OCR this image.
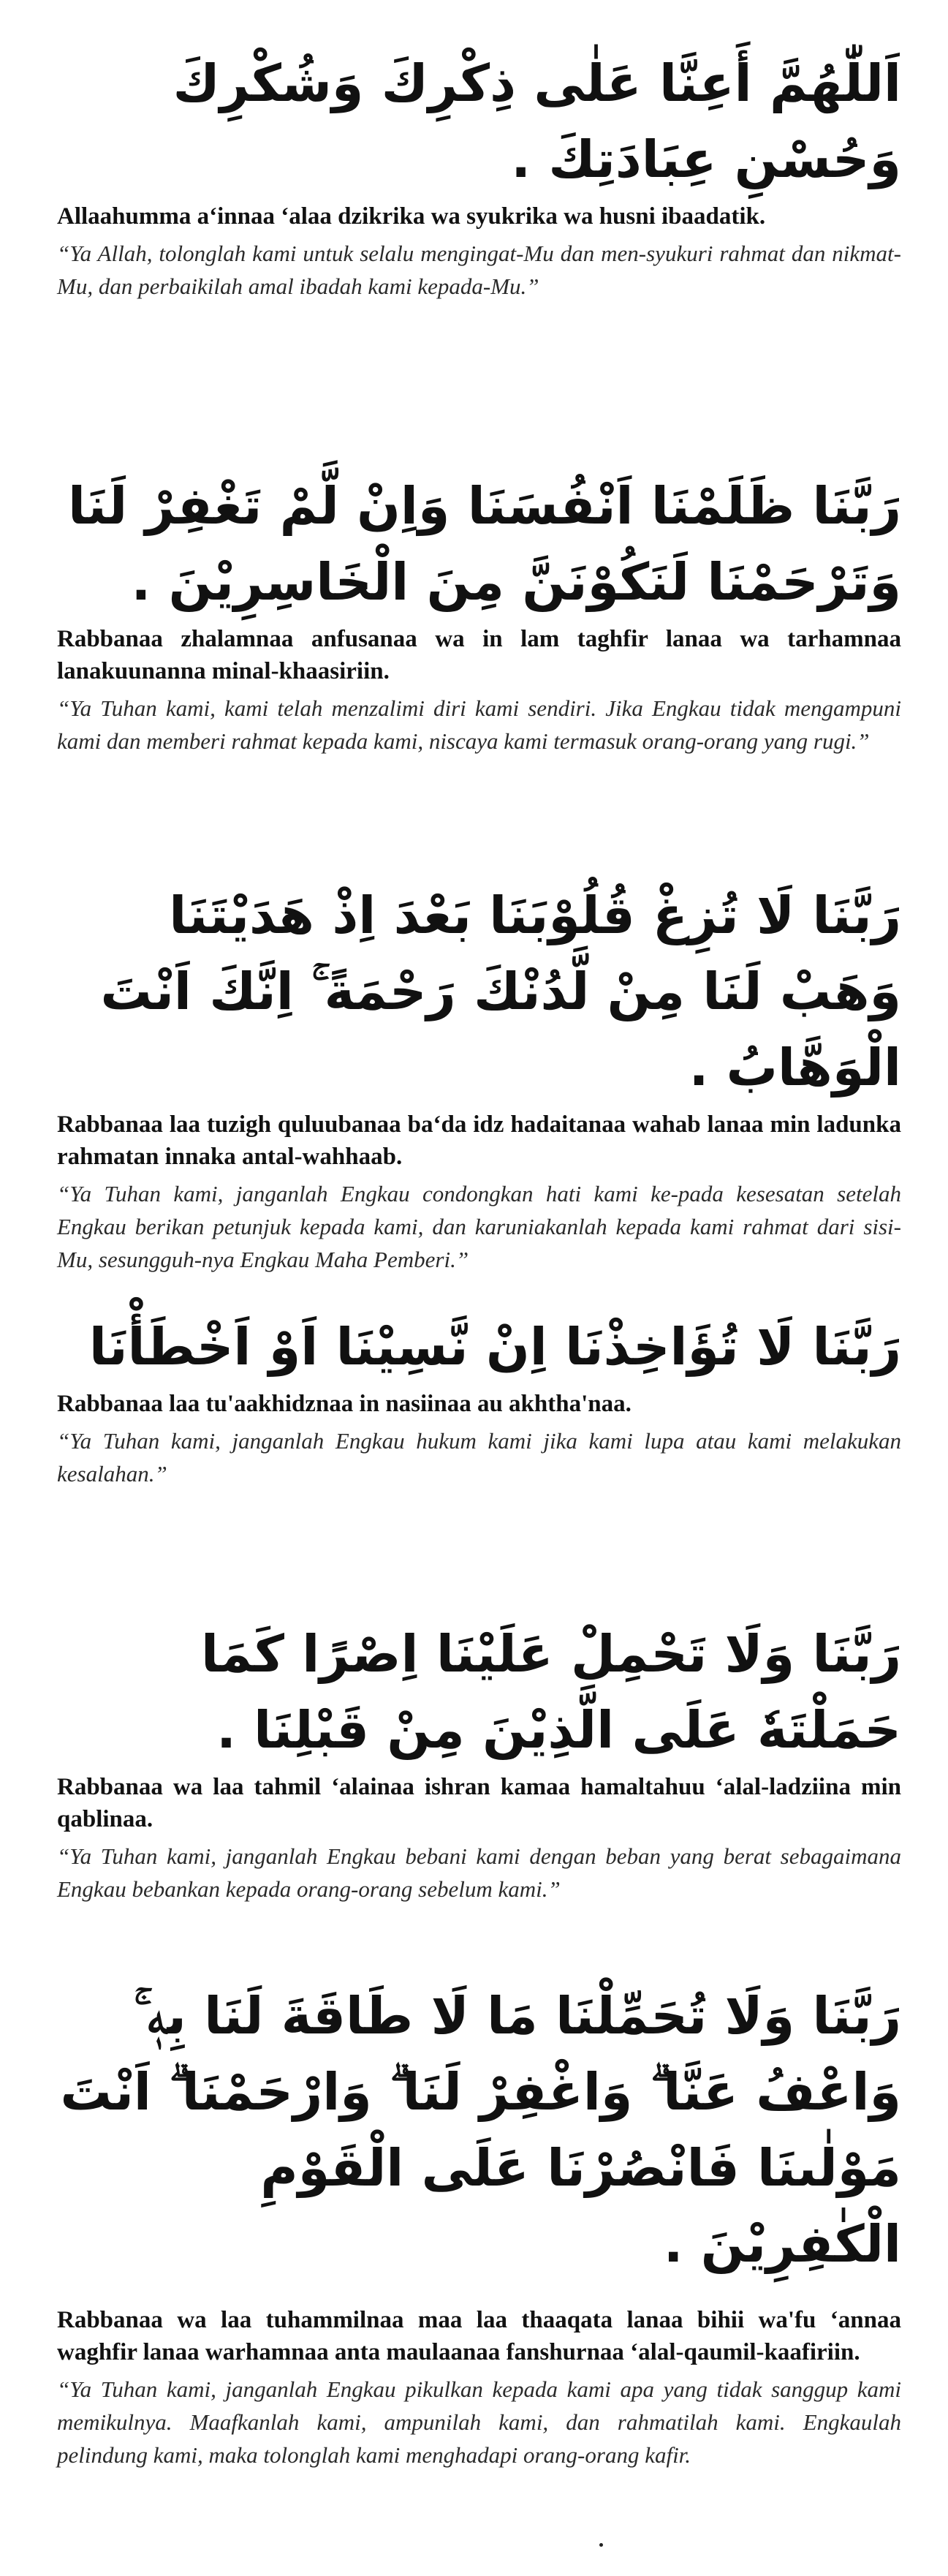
اَللّٰهُمَّ أَعِنَّا عَلٰى ذِكْرِكَ وَشُكْرِكَ وَحُسْنِ عِبَادَتِكَ .

Allaahumma a‘innaa ‘alaa dzikrika wa syukrika wa husni ibaadatik.

“Ya Allah, tolonglah kami untuk selalu mengingat-Mu dan men-syukuri rahmat dan nikmat-Mu, dan perbaikilah amal ibadah kami kepada-Mu.”

رَبَّنَا ظَلَمْنَا اَنْفُسَنَا وَاِنْ لَّمْ تَغْفِرْ لَنَا وَتَرْحَمْنَا لَنَكُوْنَنَّ مِنَ الْخَاسِرِيْنَ .

Rabbanaa zhalamnaa anfusanaa wa in lam taghfir lanaa wa tarhamnaa lanakuunanna minal-khaasiriin.

“Ya Tuhan kami, kami telah menzalimi diri kami sendiri. Jika Engkau tidak mengampuni kami dan memberi rahmat kepada kami, niscaya kami termasuk orang-orang yang rugi.”

رَبَّنَا لَا تُزِغْ قُلُوْبَنَا بَعْدَ اِذْ هَدَيْتَنَا وَهَبْ لَنَا مِنْ لَّدُنْكَ رَحْمَةً ۚ اِنَّكَ اَنْتَ الْوَهَّابُ .

Rabbanaa laa tuzigh quluubanaa ba‘da idz hadaitanaa wahab lanaa min ladunka rahmatan innaka antal-wahhaab.

“Ya Tuhan kami, janganlah Engkau condongkan hati kami ke-pada kesesatan setelah Engkau berikan petunjuk kepada kami, dan karuniakanlah kepada kami rahmat dari sisi-Mu, sesungguh-nya Engkau Maha Pemberi.”

رَبَّنَا لَا تُؤَاخِذْنَا اِنْ نَّسِيْنَا اَوْ اَخْطَأْنَا

Rabbanaa laa tu'aakhidznaa in nasiinaa au akhtha'naa.

“Ya Tuhan kami, janganlah Engkau hukum kami jika kami lupa atau kami melakukan kesalahan.”

رَبَّنَا وَلَا تَحْمِلْ عَلَيْنَا اِصْرًا كَمَا حَمَلْتَهٗ عَلَى الَّذِيْنَ مِنْ قَبْلِنَا .

Rabbanaa wa laa tahmil ‘alainaa ishran kamaa hamaltahuu ‘alal-ladziina min qablinaa.

“Ya Tuhan kami, janganlah Engkau bebani kami dengan beban yang berat sebagaimana Engkau bebankan kepada orang-orang sebelum kami.”

رَبَّنَا وَلَا تُحَمِّلْنَا مَا لَا طَاقَةَ لَنَا بِهٖ ۚ وَاعْفُ عَنَّا ۗ وَاغْفِرْ لَنَا ۗ وَارْحَمْنَا ۗ اَنْتَ مَوْلٰىنَا فَانْصُرْنَا عَلَى الْقَوْمِ الْكٰفِرِيْنَ .

Rabbanaa wa laa tuhammilnaa maa laa thaaqata lanaa bihii wa'fu ‘annaa waghfir lanaa warhamnaa anta maulaanaa fanshurnaa ‘alal-qaumil-kaafiriin.

“Ya Tuhan kami, janganlah Engkau pikulkan kepada kami apa yang tidak sanggup kami memikulnya. Maafkanlah kami, ampunilah kami, dan rahmatilah kami. Engkaulah pelindung kami, maka tolonglah kami menghadapi orang-orang kafir.
